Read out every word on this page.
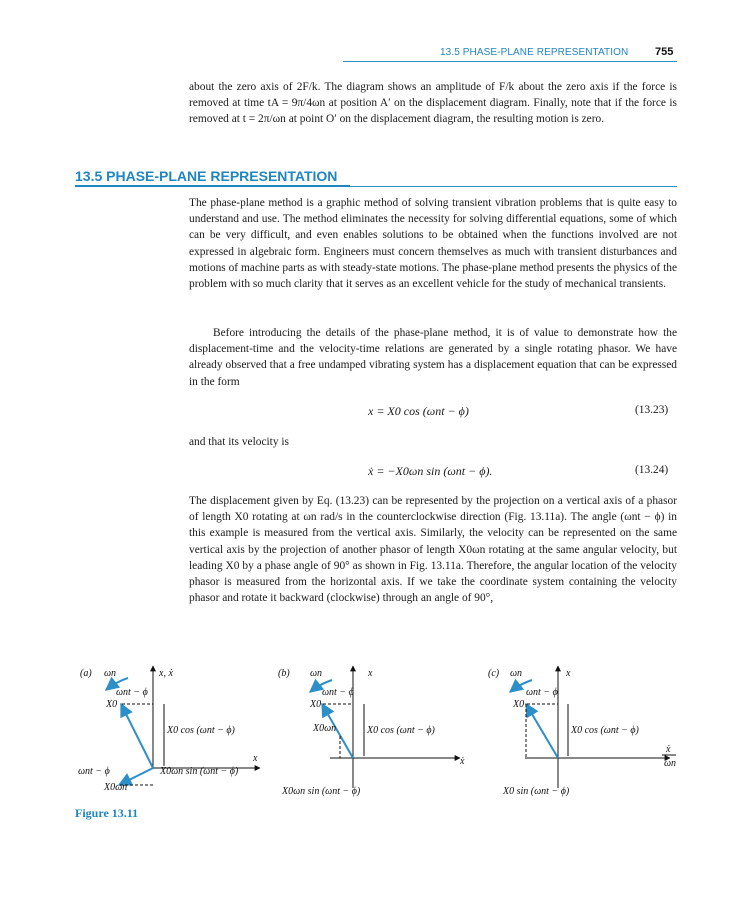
13.5 PHASE-PLANE REPRESENTATION 755
about the zero axis of 2F/k. The diagram shows an amplitude of F/k about the zero axis if the force is removed at time tA = 9π/4ωn at position A′ on the displacement diagram. Finally, note that if the force is removed at t = 2π/ωn at point O′ on the displacement diagram, the resulting motion is zero.
13.5 PHASE-PLANE REPRESENTATION
The phase-plane method is a graphic method of solving transient vibration problems that is quite easy to understand and use. The method eliminates the necessity for solving differential equations, some of which can be very difficult, and even enables solutions to be obtained when the functions involved are not expressed in algebraic form. Engineers must concern themselves as much with transient disturbances and motions of machine parts as with steady-state motions. The phase-plane method presents the physics of the problem with so much clarity that it serves as an excellent vehicle for the study of mechanical transients.
Before introducing the details of the phase-plane method, it is of value to demonstrate how the displacement-time and the velocity-time relations are generated by a single rotating phasor. We have already observed that a free undamped vibrating system has a displacement equation that can be expressed in the form
x = X0 cos (ωnt − ϕ)	(13.23)
and that its velocity is
ẋ = −X0ωn sin (ωnt − ϕ).	(13.24)
The displacement given by Eq. (13.23) can be represented by the projection on a vertical axis of a phasor of length X0 rotating at ωn rad/s in the counterclockwise direction (Fig. 13.11a). The angle (ωnt − ϕ) in this example is measured from the vertical axis. Similarly, the velocity can be represented on the same vertical axis by the projection of another phasor of length X0ωn rotating at the same angular velocity, but leading X0 by a phase angle of 90° as shown in Fig. 13.11a. Therefore, the angular location of the velocity phasor is measured from the horizontal axis. If we take the coordinate system containing the velocity phasor and rotate it backward (clockwise) through an angle of 90°,
(a) ωn	x, ẋ
x
ωnt − ϕ
X0
X0 cos (ωnt − ϕ)
ωnt − ϕ
X0ωn
X0ωn sin (ωnt − ϕ)
(b) ωn	x
ẋ
ωnt − ϕ
X0
X0ωn	X0 cos (ωnt − ϕ)
X0ωn sin (ωnt − ϕ)
(c) ωn	x
ẋ
ωn
ωnt − ϕ
X0
X0 cos (ωnt − ϕ)
X0 sin (ωnt − ϕ)
Figure 13.11
